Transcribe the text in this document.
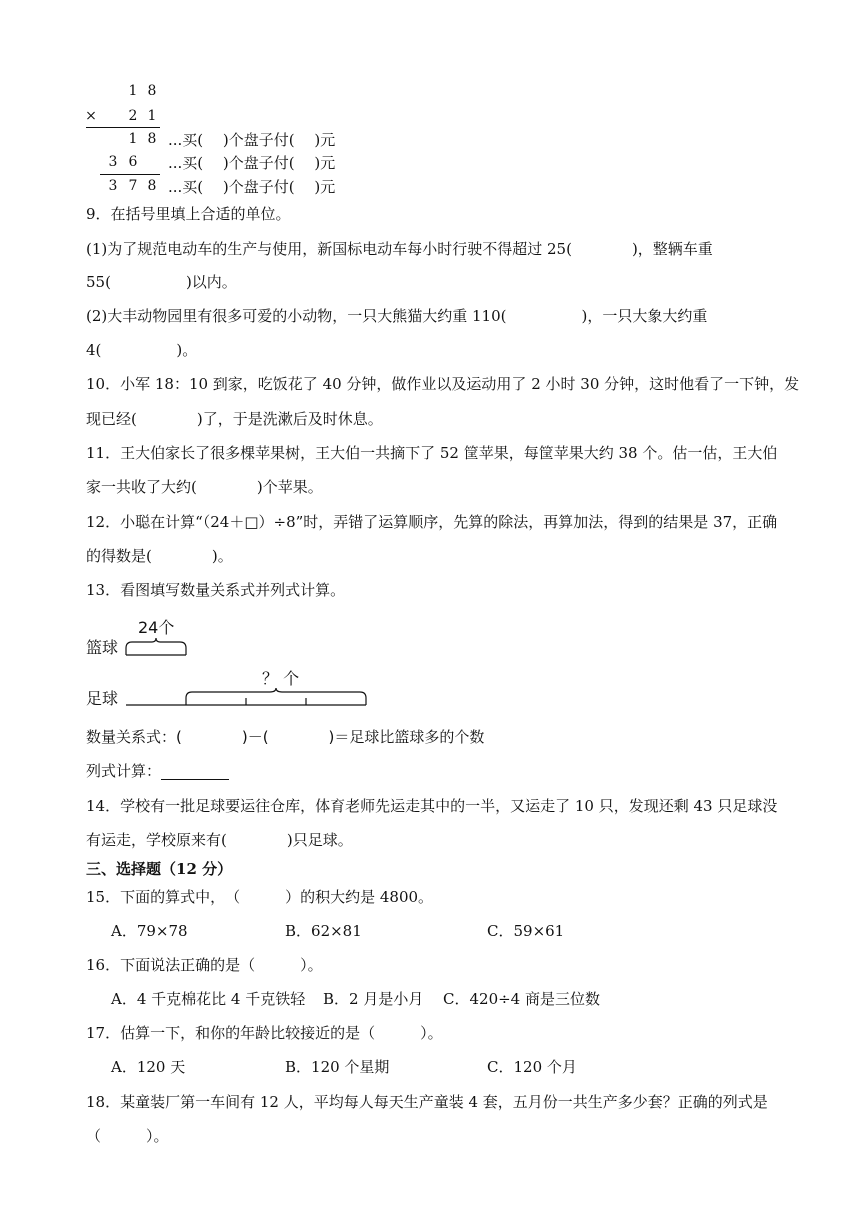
1 8
× 2 1
1 8
3 6
3 7 8
...买(　 )个盘子付(　 )元
...买(　 )个盘子付(　 )元
...买(　 )个盘子付(　 )元
9．在括号里填上合适的单位。
(1)为了规范电动车的生产与使用，新国标电动车每小时行驶不得超过 25(　　　　)，整辆车重
55(　　　　　)以内。
(2)大丰动物园里有很多可爱的小动物，一只大熊猫大约重 110(　　　　　)，一只大象大约重
4(　　　　　)。
10．小军 18：10 到家，吃饭花了 40 分钟，做作业以及运动用了 2 小时 30 分钟，这时他看了一下钟，发
现已经(　　　　)了，于是洗漱后及时休息。
11．王大伯家长了很多棵苹果树，王大伯一共摘下了 52 筐苹果，每筐苹果大约 38 个。估一估，王大伯
家一共收了大约(　　　　)个苹果。
12．小聪在计算“（24＋□）÷8”时，弄错了运算顺序，先算的除法，再算加法，得到的结果是 37，正确
的得数是(　　　　)。
13．看图填写数量关系式并列式计算。
篮球
24个
足球
？ 个
数量关系式：(　　　　)－(　　　　)＝足球比篮球多的个数
列式计算：
14．学校有一批足球要运往仓库，体育老师先运走其中的一半，又运走了 10 只，发现还剩 43 只足球没
有运走，学校原来有(　　　　)只足球。
三、选择题（12 分）
15．下面的算式中，　（　　　）的积大约是 4800。
A．79×78	B．62×81	C．59×61
16．下面说法正确的是（　　　）。
A．4 千克棉花比 4 千克铁轻 B．2 月是小月 C．420÷4 商是三位数
17．估算一下，和你的年龄比较接近的是（　　　）。
A．120 天	B．120 个星期	C．120 个月
18．某童装厂第一车间有 12 人，平均每人每天生产童装 4 套，五月份一共生产多少套？正确的列式是
（　　　）。
